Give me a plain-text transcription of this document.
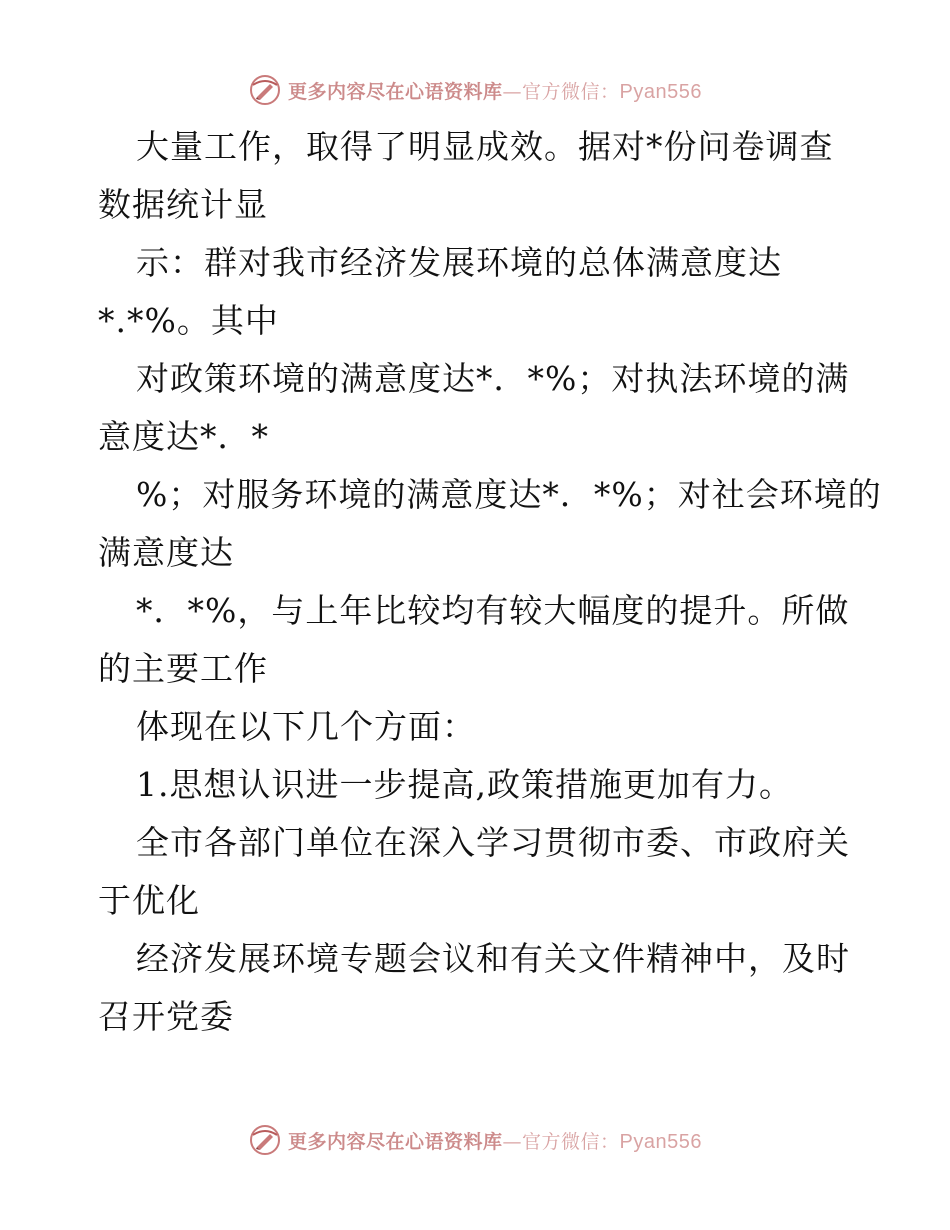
更多内容尽在心语资料库—官方微信：Pyan556
大量工作，取得了明显成效。据对*份问卷调查
数据统计显
示：群对我市经济发展环境的总体满意度达
*.*%。其中
对政策环境的满意度达*．*%；对执法环境的满
意度达*．*
%；对服务环境的满意度达*．*%；对社会环境的
满意度达
*．*%，与上年比较均有较大幅度的提升。所做
的主要工作
体现在以下几个方面：
1.思想认识进一步提高,政策措施更加有力。
全市各部门单位在深入学习贯彻市委、市政府关
于优化
经济发展环境专题会议和有关文件精神中，及时
召开党委
更多内容尽在心语资料库—官方微信：Pyan556
